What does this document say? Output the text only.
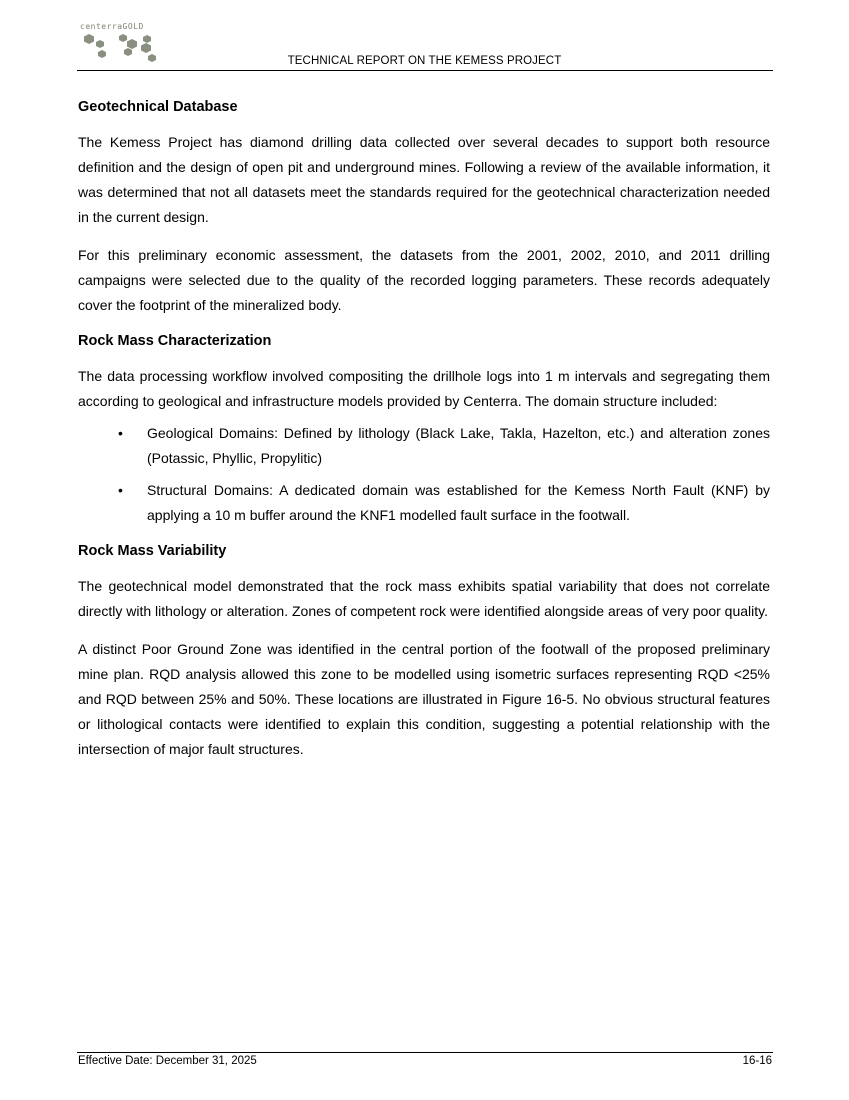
centerraGOLD
TECHNICAL REPORT ON THE KEMESS PROJECT
Geotechnical Database

The Kemess Project has diamond drilling data collected over several decades to support both resource definition and the design of open pit and underground mines. Following a review of the available information, it was determined that not all datasets meet the standards required for the geotechnical characterization needed in the current design.

For this preliminary economic assessment, the datasets from the 2001, 2002, 2010, and 2011 drilling campaigns were selected due to the quality of the recorded logging parameters. These records adequately cover the footprint of the mineralized body.

Rock Mass Characterization

The data processing workflow involved compositing the drillhole logs into 1 m intervals and segregating them according to geological and infrastructure models provided by Centerra. The domain structure included:

• Geological Domains: Defined by lithology (Black Lake, Takla, Hazelton, etc.) and alteration zones (Potassic, Phyllic, Propylitic)
• Structural Domains: A dedicated domain was established for the Kemess North Fault (KNF) by applying a 10 m buffer around the KNF1 modelled fault surface in the footwall.
Rock Mass Variability

The geotechnical model demonstrated that the rock mass exhibits spatial variability that does not correlate directly with lithology or alteration. Zones of competent rock were identified alongside areas of very poor quality.

A distinct Poor Ground Zone was identified in the central portion of the footwall of the proposed preliminary mine plan. RQD analysis allowed this zone to be modelled using isometric surfaces representing RQD <25% and RQD between 25% and 50%. These locations are illustrated in Figure 16-5. No obvious structural features or lithological contacts were identified to explain this condition, suggesting a potential relationship with the intersection of major fault structures.

Effective Date: December 31, 2025	16-16
